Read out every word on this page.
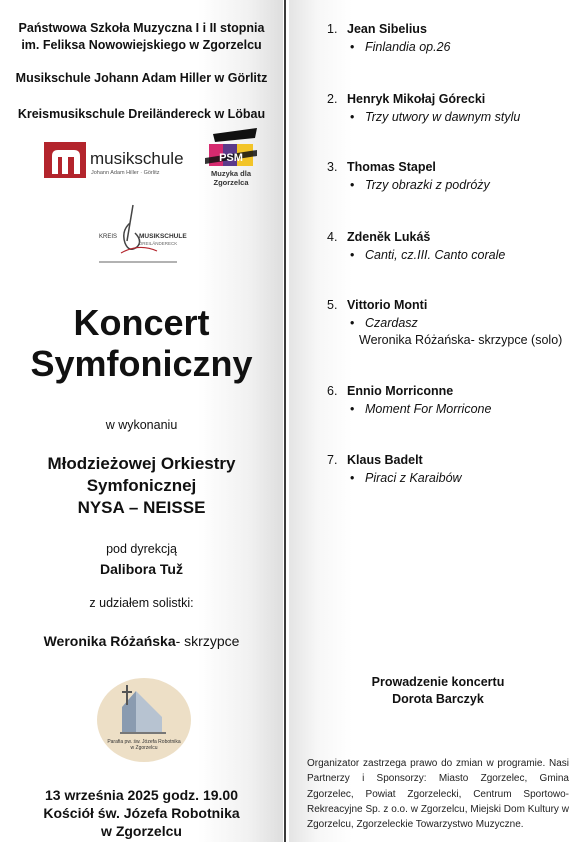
Państwowa Szkoła Muzyczna I i II stopnia
im. Feliksa Nowowiejskiego w Zgorzelcu
Musikschule Johann Adam Hiller w Görlitz
Kreismusikschule Dreiländereck w Löbau
musikschule
Johann Adam Hiller · Görlitz
PSM
Muzyka dla
Zgorzelca
KREIS	MUSIKSCHULE
DREILÄNDERECK
Koncert
Symfoniczny
w wykonaniu
Młodzieżowej Orkiestry
Symfonicznej
NYSA – NEISSE
pod dyrekcją
Dalibora Tuž
z udziałem solistki:
Weronika Różańska- skrzypce
Parafia pw. św. Józefa Robotnika
w Zgorzelcu
13 września 2025 godz. 19.00
Kościół św. Józefa Robotnika
w Zgorzelcu
1. Jean Sibelius
• Finlandia op.26
2. Henryk Mikołaj Górecki
• Trzy utwory w dawnym stylu
3. Thomas Stapel
• Trzy obrazki z podróży
4. Zdeněk Lukáš
• Canti, cz.III. Canto corale
5. Vittorio Monti
• Czardasz
Weronika Różańska- skrzypce (solo)
6. Ennio Morriconne
• Moment For Morricone
7. Klaus Badelt
• Piraci z Karaibów
Prowadzenie koncertu
Dorota Barczyk
Organizator zastrzega prawo do zmian w programie. Nasi Partnerzy i Sponsorzy: Miasto Zgorzelec, Gmina Zgorzelec, Powiat Zgorzelecki, Centrum Sportowo-Rekreacyjne Sp. z o.o. w Zgorzelcu, Miejski Dom Kultury w Zgorzelcu, Zgorzeleckie Towarzystwo Muzyczne.
